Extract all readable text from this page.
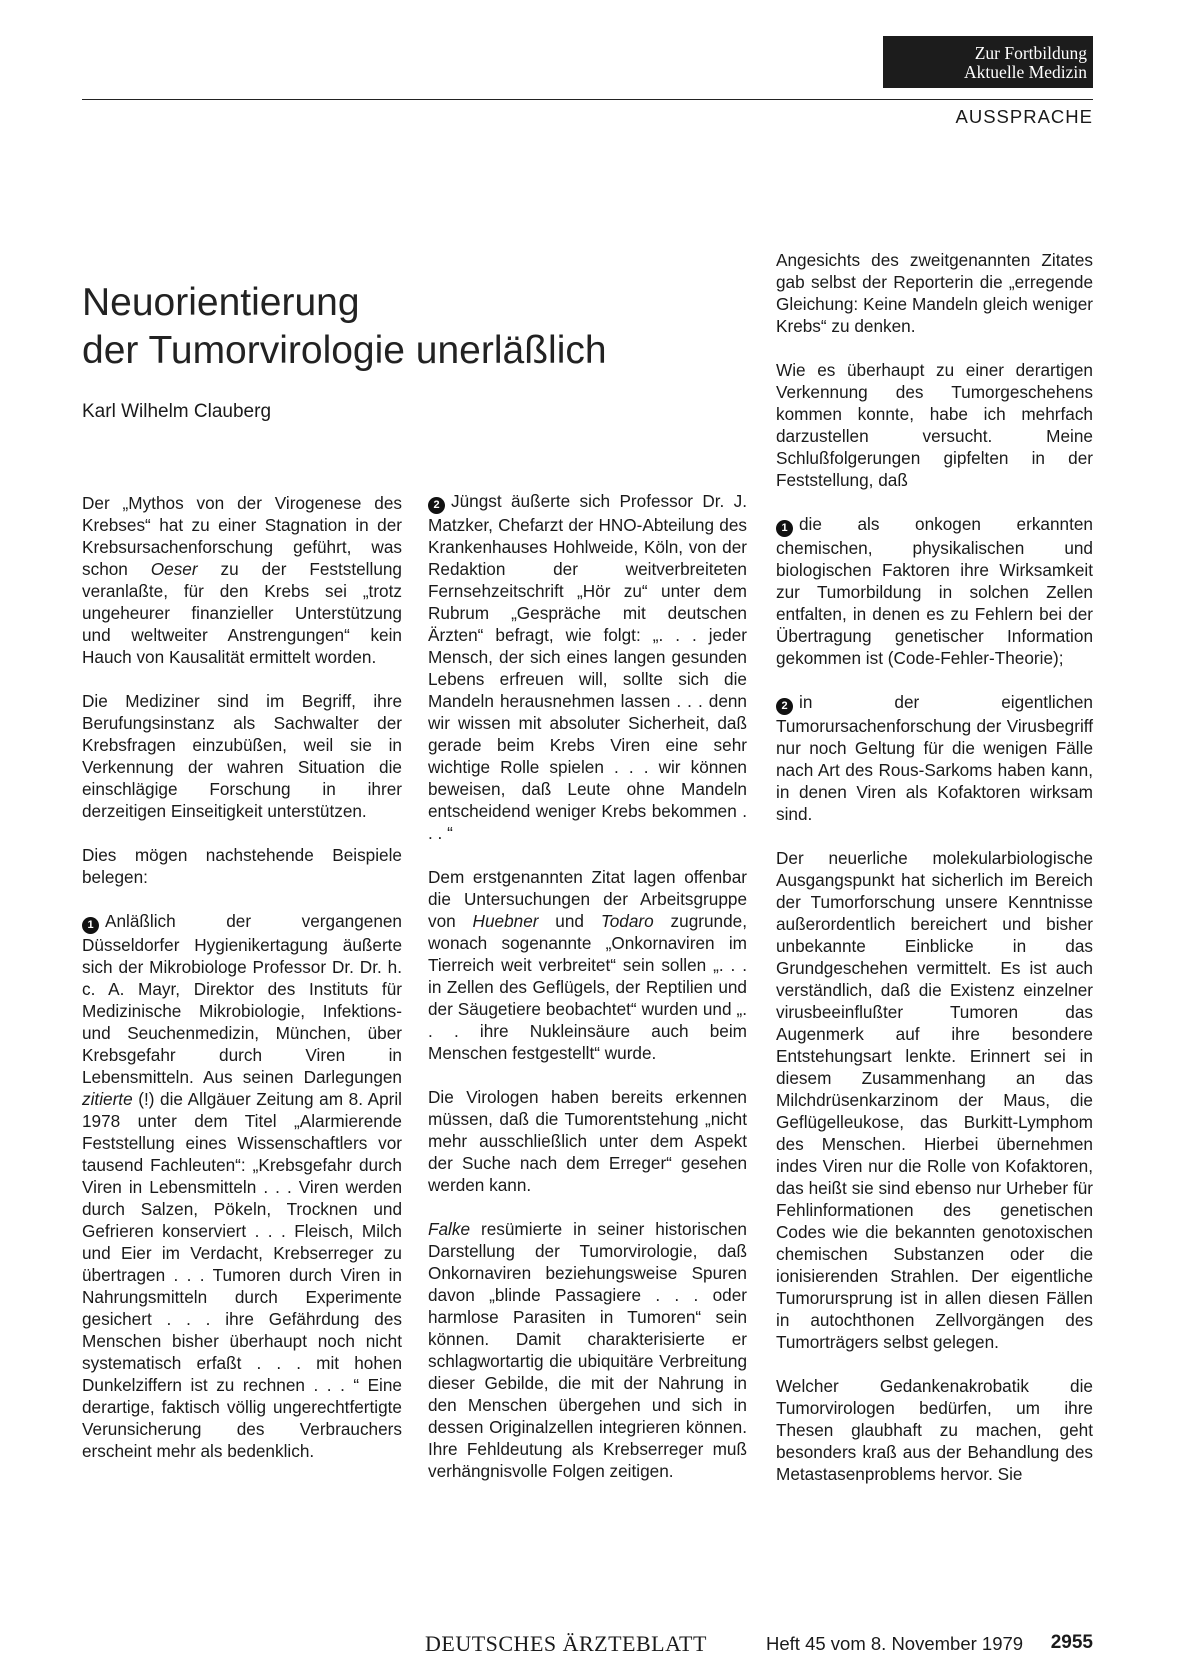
Zur Fortbildung
Aktuelle Medizin
AUSSPRACHE
Neuorientierung
der Tumorvirologie unerläßlich
Karl Wilhelm Clauberg

Der „Mythos von der Virogenese des Krebses“ hat zu einer Stagnation in der Krebsursachenforschung geführt, was schon Oeser zu der Feststellung veranlaßte, für den Krebs sei „trotz ungeheurer finanzieller Unterstützung und weltweiter Anstrengungen“ kein Hauch von Kausalität ermittelt worden.

Die Mediziner sind im Begriff, ihre Berufungsinstanz als Sachwalter der Krebsfragen einzubüßen, weil sie in Verkennung der wahren Situation die einschlägige Forschung in ihrer derzeitigen Einseitigkeit unterstützen.

Dies mögen nachstehende Beispiele belegen:

1 Anläßlich der vergangenen Düsseldorfer Hygienikertagung äußerte sich der Mikrobiologe Professor Dr. Dr. h. c. A. Mayr, Direktor des Instituts für Medizinische Mikrobiologie, Infektions- und Seuchenmedizin, München, über Krebsgefahr durch Viren in Lebensmitteln. Aus seinen Darlegungen zitierte (!) die Allgäuer Zeitung am 8. April 1978 unter dem Titel „Alarmierende Feststellung eines Wissenschaftlers vor tausend Fachleuten“: „Krebsgefahr durch Viren in Lebensmitteln . . . Viren werden durch Salzen, Pökeln, Trocknen und Gefrieren konserviert . . . Fleisch, Milch und Eier im Verdacht, Krebserreger zu übertragen . . . Tumoren durch Viren in Nahrungsmitteln durch Experimente gesichert . . . ihre Gefährdung des Menschen bisher überhaupt noch nicht systematisch erfaßt . . . mit hohen Dunkelziffern ist zu rechnen . . . “ Eine derartige, faktisch völlig ungerechtfertigte Verunsicherung des Verbrauchers erscheint mehr als bedenklich.

2 Jüngst äußerte sich Professor Dr. J. Matzker, Chefarzt der HNO-Abteilung des Krankenhauses Hohlweide, Köln, von der Redaktion der weitverbreiteten Fernsehzeitschrift „Hör zu“ unter dem Rubrum „Gespräche mit deutschen Ärzten“ befragt, wie folgt: „. . . jeder Mensch, der sich eines langen gesunden Lebens erfreuen will, sollte sich die Mandeln herausnehmen lassen . . . denn wir wissen mit absoluter Sicherheit, daß gerade beim Krebs Viren eine sehr wichtige Rolle spielen . . . wir können beweisen, daß Leute ohne Mandeln entscheidend weniger Krebs bekommen . . . “

Dem erstgenannten Zitat lagen offenbar die Untersuchungen der Arbeitsgruppe von Huebner und Todaro zugrunde, wonach sogenannte „Onkornaviren im Tierreich weit verbreitet“ sein sollen „. . . in Zellen des Geflügels, der Reptilien und der Säugetiere beobachtet“ wurden und „. . . ihre Nukleinsäure auch beim Menschen festgestellt“ wurde.

Die Virologen haben bereits erkennen müssen, daß die Tumorentstehung „nicht mehr ausschließlich unter dem Aspekt der Suche nach dem Erreger“ gesehen werden kann.

Falke resümierte in seiner historischen Darstellung der Tumorvirologie, daß Onkornaviren beziehungsweise Spuren davon „blinde Passagiere . . . oder harmlose Parasiten in Tumoren“ sein können. Damit charakterisierte er schlagwortartig die ubiquitäre Verbreitung dieser Gebilde, die mit der Nahrung in den Menschen übergehen und sich in dessen Originalzellen integrieren können. Ihre Fehldeutung als Krebserreger muß verhängnisvolle Folgen zeitigen.

Angesichts des zweitgenannten Zitates gab selbst der Reporterin die „erregende Gleichung: Keine Mandeln gleich weniger Krebs“ zu denken.

Wie es überhaupt zu einer derartigen Verkennung des Tumorgeschehens kommen konnte, habe ich mehrfach darzustellen versucht. Meine Schlußfolgerungen gipfelten in der Feststellung, daß

1 die als onkogen erkannten chemischen, physikalischen und biologischen Faktoren ihre Wirksamkeit zur Tumorbildung in solchen Zellen entfalten, in denen es zu Fehlern bei der Übertragung genetischer Information gekommen ist (Code-Fehler-Theorie);

2 in der eigentlichen Tumorursachenforschung der Virusbegriff nur noch Geltung für die wenigen Fälle nach Art des Rous-Sarkoms haben kann, in denen Viren als Kofaktoren wirksam sind.

Der neuerliche molekularbiologische Ausgangspunkt hat sicherlich im Bereich der Tumorforschung unsere Kenntnisse außerordentlich bereichert und bisher unbekannte Einblicke in das Grundgeschehen vermittelt. Es ist auch verständlich, daß die Existenz einzelner virusbeeinflußter Tumoren das Augenmerk auf ihre besondere Entstehungsart lenkte. Erinnert sei in diesem Zusammenhang an das Milchdrüsenkarzinom der Maus, die Geflügelleukose, das Burkitt-Lymphom des Menschen. Hierbei übernehmen indes Viren nur die Rolle von Kofaktoren, das heißt sie sind ebenso nur Urheber für Fehlinformationen des genetischen Codes wie die bekannten genotoxischen chemischen Substanzen oder die ionisierenden Strahlen. Der eigentliche Tumorursprung ist in allen diesen Fällen in autochthonen Zellvorgängen des Tumorträgers selbst gelegen.

Welcher Gedankenakrobatik die Tumorvirologen bedürfen, um ihre Thesen glaubhaft zu machen, geht besonders kraß aus der Behandlung des Metastasenproblems hervor. Sie

DEUTSCHES ÄRZTEBLATT	Heft 45 vom 8. November 1979 2955
